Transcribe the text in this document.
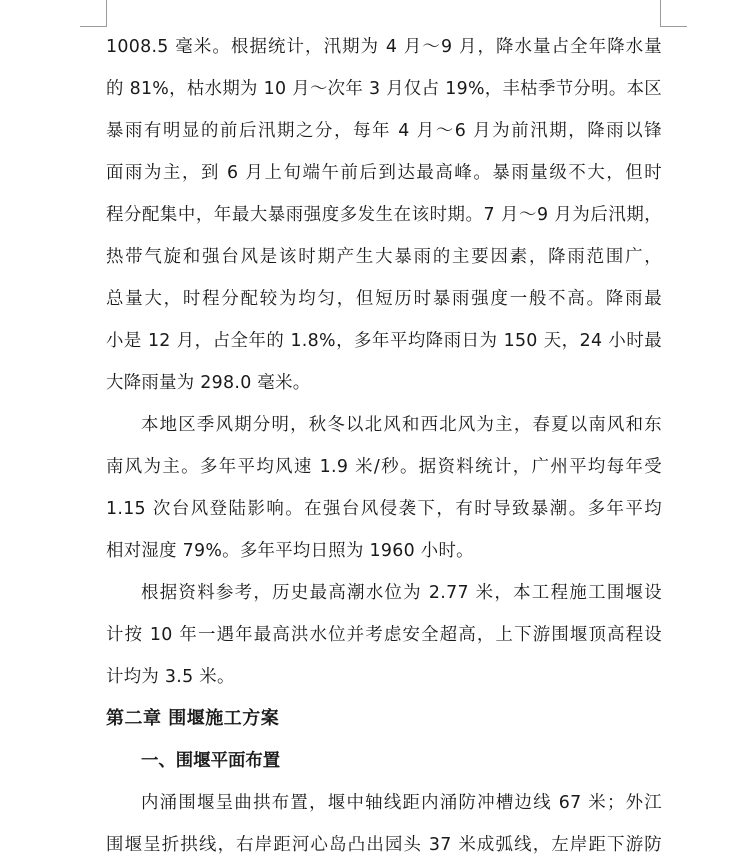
1008.5 毫米。根据统计，汛期为 4 月～9 月，降水量占全年降水量
的 81%，枯水期为 10 月～次年 3 月仅占 19%，丰枯季节分明。本区
暴雨有明显的前后汛期之分，每年 4 月～6 月为前汛期，降雨以锋
面雨为主，到 6 月上旬端午前后到达最高峰。暴雨量级不大，但时
程分配集中，年最大暴雨强度多发生在该时期。7 月～9 月为后汛期，
热带气旋和强台风是该时期产生大暴雨的主要因素，降雨范围广，
总量大，时程分配较为均匀，但短历时暴雨强度一般不高。降雨最
小是 12 月，占全年的 1.8%，多年平均降雨日为 150 天，24 小时最
大降雨量为 298.0 毫米。

本地区季风期分明，秋冬以北风和西北风为主，春夏以南风和东
南风为主。多年平均风速 1.9 米/秒。据资料统计，广州平均每年受
1.15 次台风登陆影响。在强台风侵袭下，有时导致暴潮。多年平均
相对湿度 79%。多年平均日照为 1960 小时。

根据资料参考，历史最高潮水位为 2.77 米，本工程施工围堰设
计按 10 年一遇年最高洪水位并考虑安全超高，上下游围堰顶高程设
计均为 3.5 米。

第二章 围堰施工方案
一、围堰平面布置

内涌围堰呈曲拱布置，堰中轴线距内涌防冲槽边线 67 米；外江
围堰呈折拱线，右岸距河心岛凸出园头 37 米成弧线，左岸距下游防
